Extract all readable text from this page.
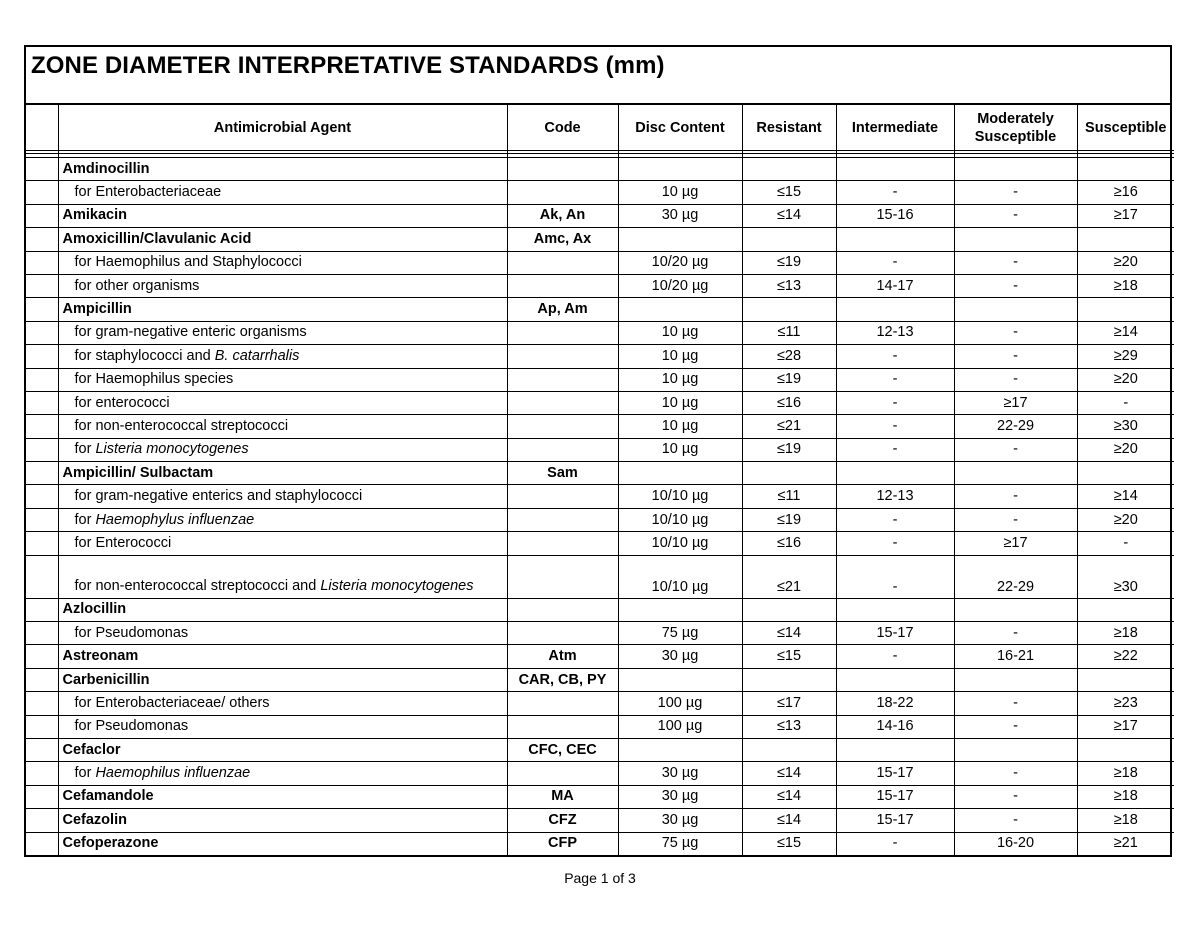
ZONE DIAMETER INTERPRETATIVE STANDARDS (mm)
	Antimicrobial Agent	Code	Disc Content	Resistant	Intermediate	Moderately Susceptible	Susceptible

	Amdinocillin						
	for Enterobacteriaceae		10 µg	≤15	-	-	≥16
	Amikacin	Ak, An	30 µg	≤14	15-16	-	≥17
	Amoxicillin/Clavulanic Acid	Amc, Ax					
	for Haemophilus and Staphylococci		10/20 µg	≤19	-	-	≥20
	for other organisms		10/20 µg	≤13	14-17	-	≥18
	Ampicillin	Ap, Am					
	for gram-negative enteric organisms		10 µg	≤11	12-13	-	≥14
	for staphylococci and B. catarrhalis		10 µg	≤28	-	-	≥29
	for Haemophilus species		10 µg	≤19	-	-	≥20
	for enterococci		10 µg	≤16	-	≥17	-
	for non-enterococcal streptococci		10 µg	≤21	-	22-29	≥30
	for Listeria monocytogenes		10 µg	≤19	-	-	≥20
	Ampicillin/ Sulbactam	Sam					
	for gram-negative enterics and staphylococci		10/10 µg	≤11	12-13	-	≥14
	for Haemophylus influenzae		10/10 µg	≤19	-	-	≥20
	for Enterococci		10/10 µg	≤16	-	≥17	-
	for non-enterococcal streptococci and Listeria monocytogenes		10/10 µg	≤21	-	22-29	≥30
	Azlocillin						
	for Pseudomonas		75 µg	≤14	15-17	-	≥18
	Astreonam	Atm	30 µg	≤15	-	16-21	≥22
	Carbenicillin	CAR, CB, PY					
	for Enterobacteriaceae/ others		100 µg	≤17	18-22	-	≥23
	for Pseudomonas		100 µg	≤13	14-16	-	≥17
	Cefaclor	CFC, CEC					
	for Haemophilus influenzae		30 µg	≤14	15-17	-	≥18
	Cefamandole	MA	30 µg	≤14	15-17	-	≥18
	Cefazolin	CFZ	30 µg	≤14	15-17	-	≥18
	Cefoperazone	CFP	75 µg	≤15	-	16-20	≥21
Page 1 of 3
